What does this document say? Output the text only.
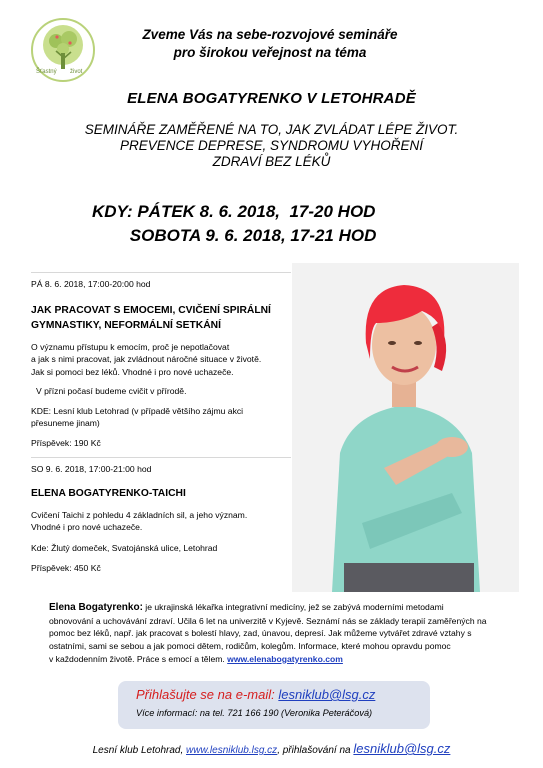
Šťastný život
Zveme Vás na sebe-rozvojové semináře
pro širokou veřejnost na téma
ELENA BOGATYRENKO V LETOHRADĚ
SEMINÁŘE ZAMĚŘENÉ NA TO, JAK ZVLÁDAT LÉPE ŽIVOT.
PREVENCE DEPRESE, SYNDROMU VYHOŘENÍ
ZDRAVÍ BEZ LÉKŮ
KDY: PÁTEK 8. 6. 2018,  17-20 HOD
SOBOTA 9. 6. 2018, 17-21 HOD
PÁ 8. 6. 2018, 17:00-20:00 hod
JAK PRACOVAT S EMOCEMI, CVIČENÍ SPIRÁLNÍ
GYMNASTIKY, NEFORMÁLNÍ SETKÁNÍ
O významu přístupu k emocím, proč je nepotlačovat
a jak s nimi pracovat, jak zvládnout náročné situace v životě.
Jak si pomoci bez léků. Vhodné i pro nové uchazeče.
V příznі počasí budeme cvičit v přírodě.
KDE: Lesní klub Letohrad (v případě většího zájmu akci
přesuneme jinam)
Příspěvek: 190 Kč
SO 9. 6. 2018, 17:00-21:00 hod
ELENA BOGATYRENKO-TAICHI
Cvičení Taichi z pohledu 4 základních sil, a jeho význam.
Vhodné i pro nové uchazeče.
Kde: Žlutý domeček, Svatojánská ulice, Letohrad
Příspěvek: 450 Kč
Elena Bogatyrenko: je ukrajinská lékařka integrativní medicíny, jež se zabývá moderními metodami
obnovování a uchovávání zdraví. Učila 6 let na univerzitě v Kyjevě. Seznámí nás se základy terapií zaměřených na
pomoc bez léků, např. jak pracovat s bolestí hlavy, zad, únavou, depresí. Jak můžeme vytvářet zdravé vztahy s
ostatními, sami se sebou a jak pomoci dětem, rodičům, kolegům. Informace, které mohou opravdu pomoc
v každodenním životě. Práce s emocí a tělem. www.elenabogatyrenko.com
Přihlašujte se na e-mail: lesniklub@lsg.cz
Více informací: na tel. 721 166 190 (Veronika Peteráčová)
Lesní klub Letohrad, www.lesniklub.lsg.cz, přihlašování na lesniklub@lsg.cz
